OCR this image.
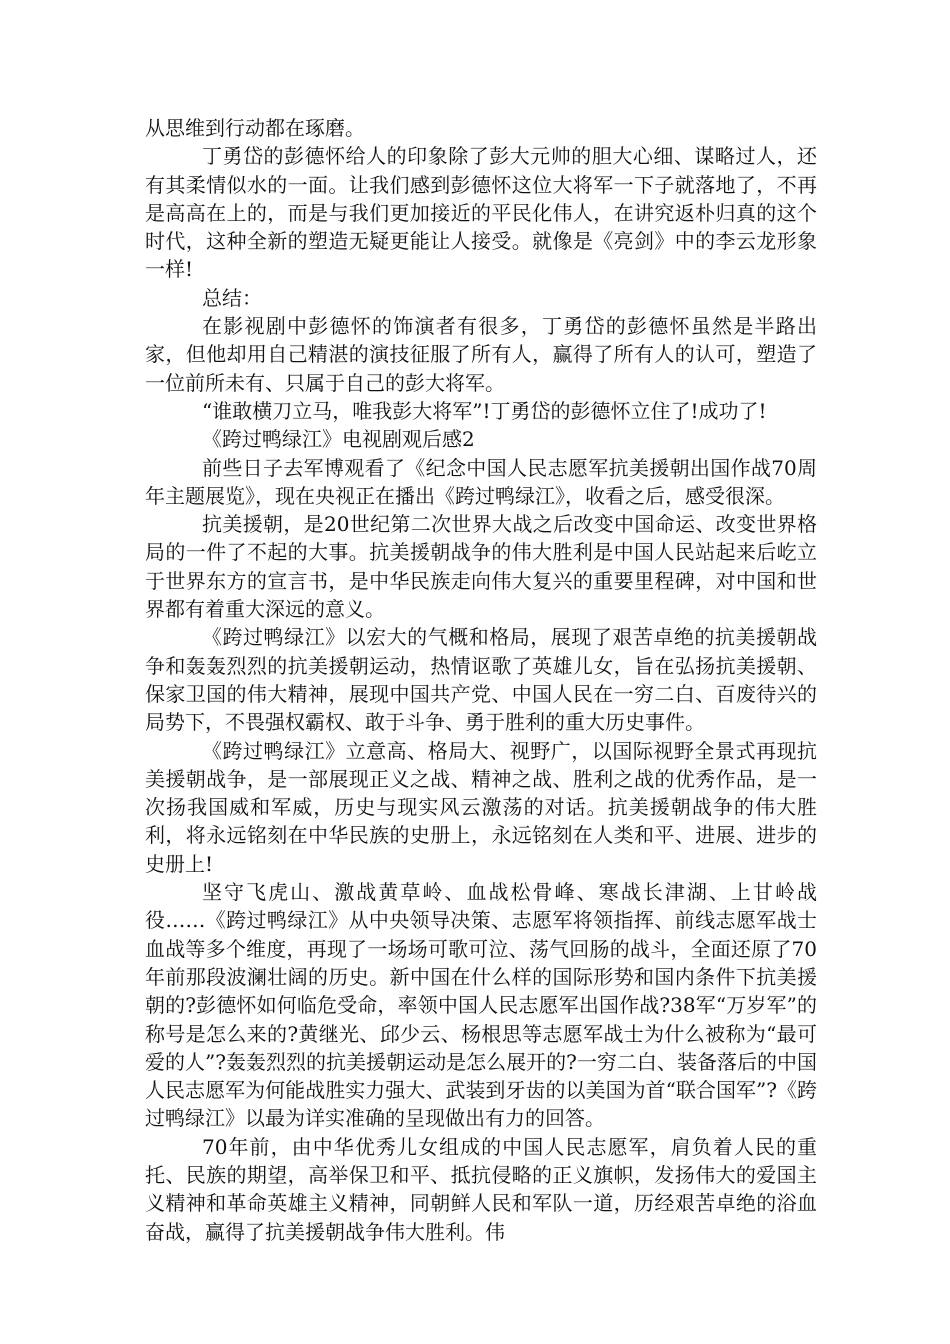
从思维到行动都在琢磨。

丁勇岱的彭德怀给人的印象除了彭大元帅的胆大心细、谋略过人，还有其柔情似水的一面。让我们感到彭德怀这位大将军一下子就落地了，不再是高高在上的，而是与我们更加接近的平民化伟人，在讲究返朴归真的这个时代，这种全新的塑造无疑更能让人接受。就像是《亮剑》中的李云龙形象一样!

总结：

在影视剧中彭德怀的饰演者有很多，丁勇岱的彭德怀虽然是半路出家，但他却用自己精湛的演技征服了所有人，赢得了所有人的认可，塑造了一位前所未有、只属于自己的彭大将军。

“谁敢横刀立马，唯我彭大将军”!丁勇岱的彭德怀立住了!成功了!

《跨过鸭绿江》电视剧观后感2

前些日子去军博观看了《纪念中国人民志愿军抗美援朝出国作战70周年主题展览》，现在央视正在播出《跨过鸭绿江》，收看之后，感受很深。

抗美援朝，是20世纪第二次世界大战之后改变中国命运、改变世界格局的一件了不起的大事。抗美援朝战争的伟大胜利是中国人民站起来后屹立于世界东方的宣言书，是中华民族走向伟大复兴的重要里程碑，对中国和世界都有着重大深远的意义。

《跨过鸭绿江》以宏大的气概和格局，展现了艰苦卓绝的抗美援朝战争和轰轰烈烈的抗美援朝运动，热情讴歌了英雄儿女，旨在弘扬抗美援朝、保家卫国的伟大精神，展现中国共产党、中国人民在一穷二白、百废待兴的局势下，不畏强权霸权、敢于斗争、勇于胜利的重大历史事件。

《跨过鸭绿江》立意高、格局大、视野广，以国际视野全景式再现抗美援朝战争，是一部展现正义之战、精神之战、胜利之战的优秀作品，是一次扬我国威和军威，历史与现实风云激荡的对话。抗美援朝战争的伟大胜利，将永远铭刻在中华民族的史册上，永远铭刻在人类和平、进展、进步的史册上!

坚守飞虎山、激战黄草岭、血战松骨峰、寒战长津湖、上甘岭战役……《跨过鸭绿江》从中央领导决策、志愿军将领指挥、前线志愿军战士血战等多个维度，再现了一场场可歌可泣、荡气回肠的战斗，全面还原了70年前那段波澜壮阔的历史。新中国在什么样的国际形势和国内条件下抗美援朝的?彭德怀如何临危受命，率领中国人民志愿军出国作战?38军“万岁军”的称号是怎么来的?黄继光、邱少云、杨根思等志愿军战士为什么被称为“最可爱的人”?轰轰烈烈的抗美援朝运动是怎么展开的?一穷二白、装备落后的中国人民志愿军为何能战胜实力强大、武装到牙齿的以美国为首“联合国军”?《跨过鸭绿江》以最为详实准确的呈现做出有力的回答。

70年前，由中华优秀儿女组成的中国人民志愿军，肩负着人民的重托、民族的期望，高举保卫和平、抵抗侵略的正义旗帜，发扬伟大的爱国主义精神和革命英雄主义精神，同朝鲜人民和军队一道，历经艰苦卓绝的浴血奋战，赢得了抗美援朝战争伟大胜利。伟
